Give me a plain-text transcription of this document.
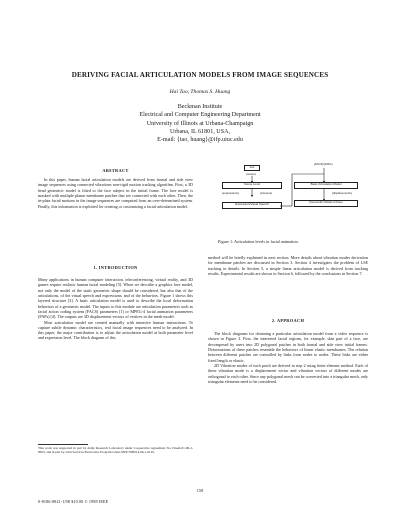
DERIVING FACIAL ARTICULATION MODELS FROM IMAGE SEQUENCES
Hai Tao, Thomas S. Huang
Beckman Institute
Electrical and Computer Engineering Department
University of Illinois at Urbana-Champaign
Urbana, IL 61801, USA,
E-mail: {tao, huang}@ifp.uiuc.edu
ABSTRACT

In this paper, human facial articulation models are derived from frontal and side view image sequences using connected vibrations non-rigid motion tracking algorithm. First, a 3D head geometric model is fitted to the face subject in the initial frame. The face model is masked with multiple planar membrane patches that are connected with each other. Then, the in-plate facial motions in the image sequences are computed from an over-determined system. Finally, this information is exploited for creating or customizing a facial articulation model.

1. INTRODUCTION

Many applications in human computer interaction, teleconferencing, virtual reality, and 3D games require realistic human facial modeling [5]. When we describe a graphics face model, not only the model of the static geometric shape should be considered, but also that of the articulations, of the visual speech and expressions, and of the behaviors. Figure 1 shows this layered structure [3]. A basic articulation model is used to describe the local deformation behaviors of a geometric model. The inputs to this module are articulation parameters such as facial action coding system (FACS) parameters [1] or MPEG-4 facial animation parameters (FAPs) [4]. The outputs are 3D displacement vectors of vertices in the mesh model.

Most articulation model are created manually with intensive human interactions. To capture subtle dynamic characteristics, real facial image sequences need to be analyzed. In this paper, the major contribution is to adjust the articulation model at both parameter level and expression level. The block diagram of this

This work was supported in part by Army Research Laboratory under Cooperative Agreement No. DAAL01-96-2-0003, and in part by Joint Services Electronics Program Grant ONR N00014-96-1-0129.
text
(output)
{FACS}/{FAPs}
Scene Level
{expressions}	{visemes}
Expression/Visual Speech
Basic Articulation Model
{displacements}
{Geometric Model of Face
Figure 1: Articulation levels in facial animation.

method will be briefly explained in next section. More details about vibration modes derivation for membrane patches are discussed in Section 3. Section 4 investigates the problem of LSE tracking in details. In Section 5, a simple linear articulation model is derived from tracking results. Experimental results are shown in Section 6, followed by the conclusions in Section 7.

2. APPROACH

The block diagrams for obtaining a particular articulation model from a video sequence is shown in Figure 2. First, the interested facial regions, for example, skin part of a face, are decomposed by users into 2D polygonal patches in both frontal and side view initial frames. Deformations of these patches resemble the behaviors of linear elastic membranes. The relation between different patches are controlled by links from nodes to nodes. These links are either fixed length or elastic.

2D Vibration modes of each patch are derived in step 2 using finite element method. Each of these vibration mode is a displacement vector and vibration vectors of different modes are orthogonal to each other. Since any polygonal mesh can be converted into a triangular mesh, only triangular elements need to be considered.

158
0-8186-8821-1/98 $10.00 © 1998 IEEE
